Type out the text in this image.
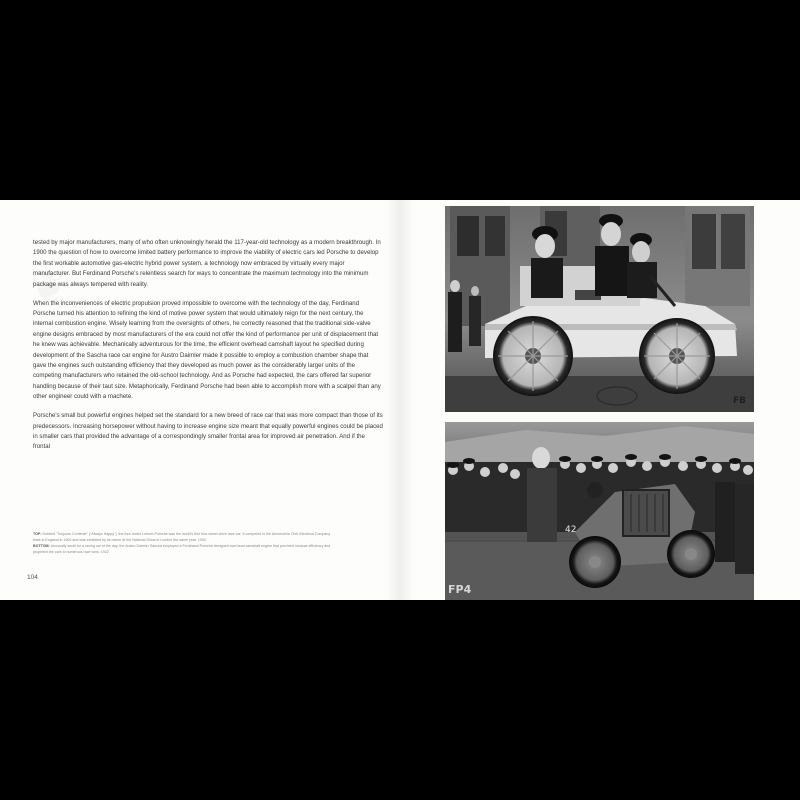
tested by major manufacturers, many of who often unknowingly herald the 117-year-old technology as a modern breakthrough. In 1900 the question of how to overcome limited battery performance to improve the viability of electric cars led Porsche to develop the first workable automotive gas-electric hybrid power system, a technology now embraced by virtually every major manufacturer. But Ferdinand Porsche's relentless search for ways to concentrate the maximum technology into the minimum package was always tempered with reality.

When the inconveniences of electric propulsion proved impossible to overcome with the technology of the day, Ferdinand Porsche turned his attention to refining the kind of motive power system that would ultimately reign for the next century, the internal combustion engine. Wisely learning from the oversights of others, he correctly reasoned that the traditional side-valve engine designs embraced by most manufacturers of the era could not offer the kind of performance per unit of displacement that he knew was achievable. Mechanically adventurous for the time, the efficient overhead camshaft layout he specified during development of the Sascha race car engine for Austro Daimler made it possible to employ a combustion chamber shape that gave the engines such outstanding efficiency that they developed as much power as the considerably larger units of the competing manufacturers who retained the old-school technology. And as Porsche had expected, the cars offered far superior handling because of their taut size. Metaphorically, Ferdinand Porsche had been able to accomplish more with a scalpel than any other engineer could with a machete.

Porsche's small but powerful engines helped set the standard for a new breed of race car that was more compact than those of its predecessors. Increasing horsepower without having to increase engine size meant that equally powerful engines could be placed in smaller cars that provided the advantage of a correspondingly smaller frontal area for improved air penetration. And if the frontal

TOP: Dubbed "Toujours Contente" ("Always Happy"), the four-motor Lohner-Porsche was the world's first four-wheel-drive race car. It competed in the Automobile Club Electrical Company trials in England in 1900 and was exhibited by its owner at the National Show in London the same year. 1900

BOTTOM: Unusually small for a racing car of the day, the Austro Daimler Sascha employed a Ferdinand Porsche-designed overhead camshaft engine that provided unusual efficiency and propelled the cars to numerous race wins. 1922

104
FB
42
FP4
